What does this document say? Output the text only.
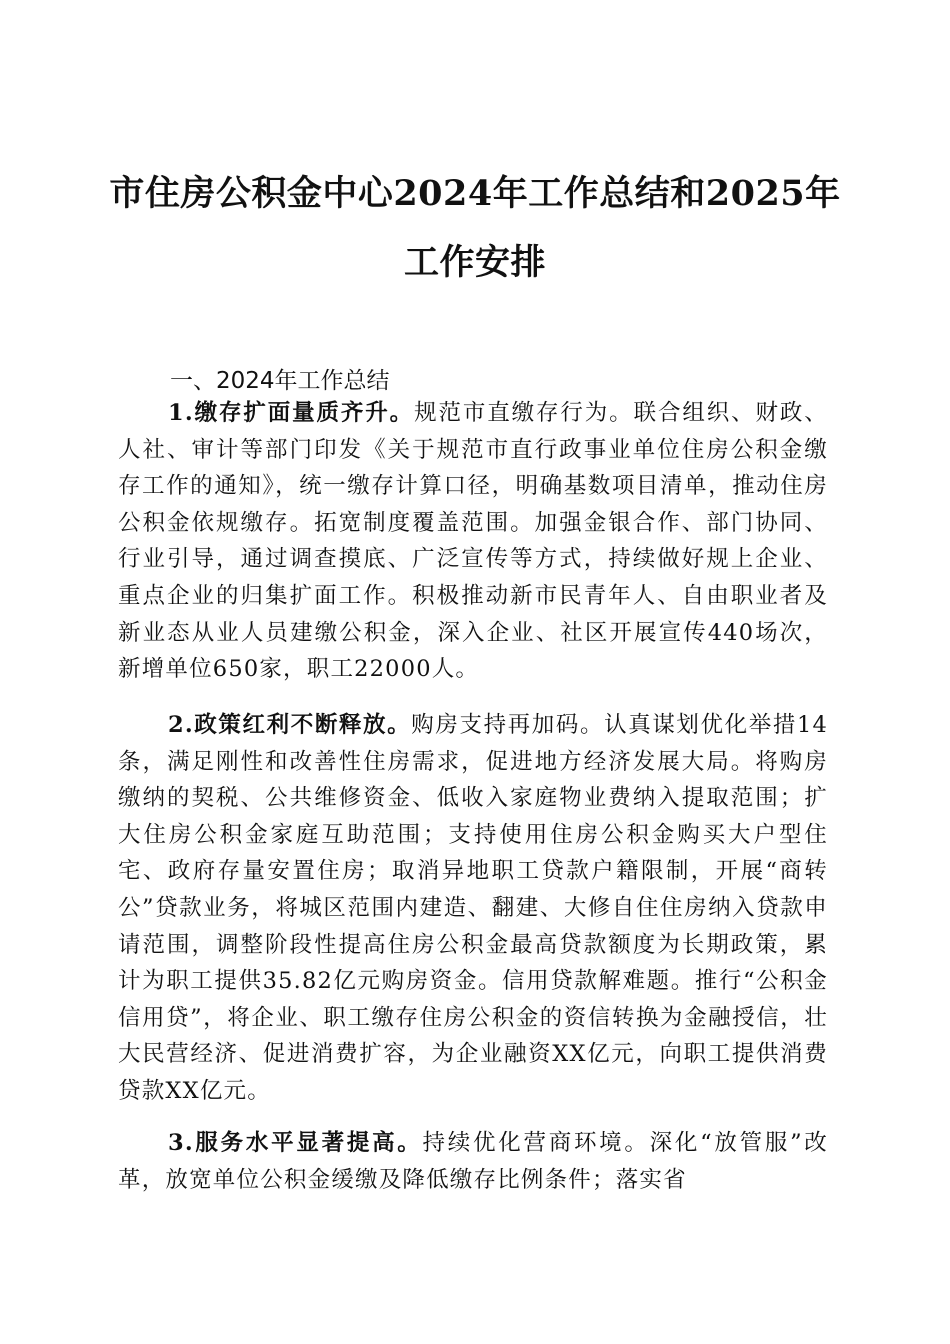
市住房公积金中心2024年工作总结和2025年
工作安排
一、2024年工作总结

1.缴存扩面量质齐升。规范市直缴存行为。联合组织、财政、人社、审计等部门印发《关于规范市直行政事业单位住房公积金缴存工作的通知》，统一缴存计算口径，明确基数项目清单，推动住房公积金依规缴存。拓宽制度覆盖范围。加强金银合作、部门协同、行业引导，通过调查摸底、广泛宣传等方式，持续做好规上企业、重点企业的归集扩面工作。积极推动新市民青年人、自由职业者及新业态从业人员建缴公积金，深入企业、社区开展宣传440场次，新增单位650家，职工22000人。

2.政策红利不断释放。购房支持再加码。认真谋划优化举措14条，满足刚性和改善性住房需求，促进地方经济发展大局。将购房缴纳的契税、公共维修资金、低收入家庭物业费纳入提取范围；扩大住房公积金家庭互助范围；支持使用住房公积金购买大户型住宅、政府存量安置住房；取消异地职工贷款户籍限制，开展“商转公”贷款业务，将城区范围内建造、翻建、大修自住住房纳入贷款申请范围，调整阶段性提高住房公积金最高贷款额度为长期政策，累计为职工提供35.82亿元购房资金。信用贷款解难题。推行“公积金信用贷”，将企业、职工缴存住房公积金的资信转换为金融授信，壮大民营经济、促进消费扩容，为企业融资XX亿元，向职工提供消费贷款XX亿元。

3.服务水平显著提高。持续优化营商环境。深化“放管服”改革，放宽单位公积金缓缴及降低缴存比例条件；落实省
